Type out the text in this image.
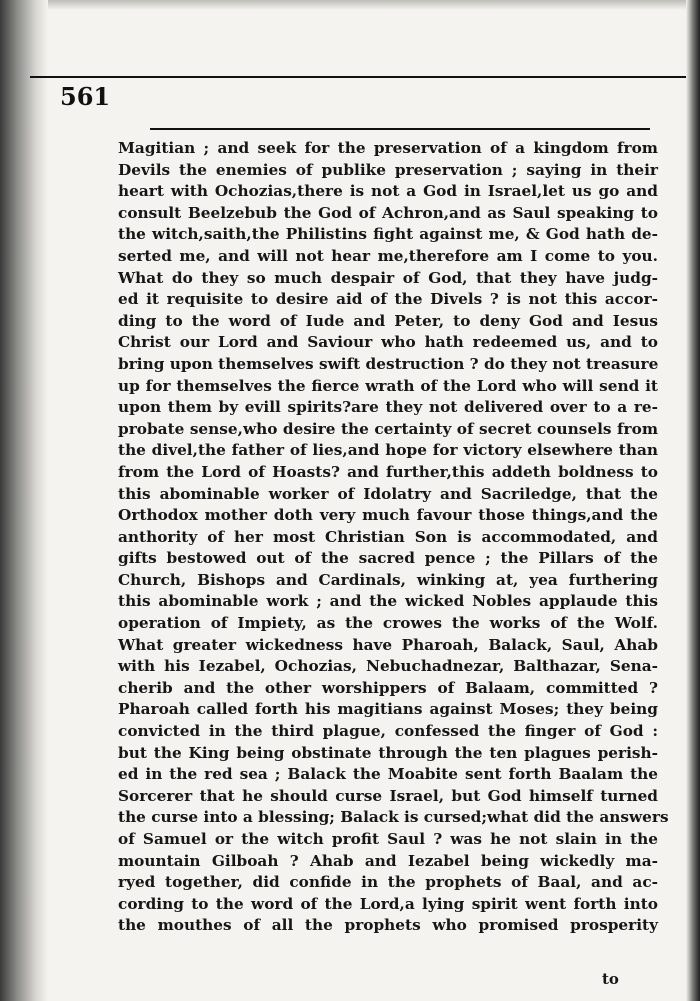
561
Magitian ; and seek for the preservation of a kingdom from
Devils the enemies of publike preservation ; saying in their
heart with Ochozias,there is not a God in Israel,let us go and
consult Beelzebub the God of Achron,and as Saul speaking to
the witch,saith,the Philistins fight against me, & God hath de-
serted me, and will not hear me,therefore am I come to you.
What do they so much despair of God, that they have judg-
ed it requisite to desire aid of the Divels ? is not this accor-
ding to the word of Iude and Peter, to deny God and Iesus
Christ our Lord and Saviour who hath redeemed us, and to
bring upon themselves swift destruction ? do they not treasure
up for themselves the fierce wrath of the Lord who will send it
upon them by evill spirits?are they not delivered over to a re-
probate sense,who desire the certainty of secret counsels from
the divel,the father of lies,and hope for victory elsewhere than
from the Lord of Hoasts? and further,this addeth boldness to
this abominable worker of Idolatry and Sacriledge, that the
Orthodox mother doth very much favour those things,and the
anthority of her most Christian Son is accommodated, and
gifts bestowed out of the sacred pence ; the Pillars of the
Church, Bishops and Cardinals, winking at, yea furthering
this abominable work ; and the wicked Nobles applaude this
operation of Impiety, as the crowes the works of the Wolf.
What greater wickedness have Pharoah, Balack, Saul, Ahab
with his Iezabel, Ochozias, Nebuchadnezar, Balthazar, Sena-
cherib and the other worshippers of Balaam, committed ?
Pharoah called forth his magitians against Moses; they being
convicted in the third plague, confessed the finger of God :
but the King being obstinate through the ten plagues perish-
ed in the red sea ; Balack the Moabite sent forth Baalam the
Sorcerer that he should curse Israel, but God himself turned
the curse into a blessing; Balack is cursed;what did the answers
of Samuel or the witch profit Saul ? was he not slain in the
mountain Gilboah ? Ahab and Iezabel being wickedly ma-
ryed together, did confide in the prophets of Baal, and ac-
cording to the word of the Lord,a lying spirit went forth into
the mouthes of all the prophets who promised prosperity
to
